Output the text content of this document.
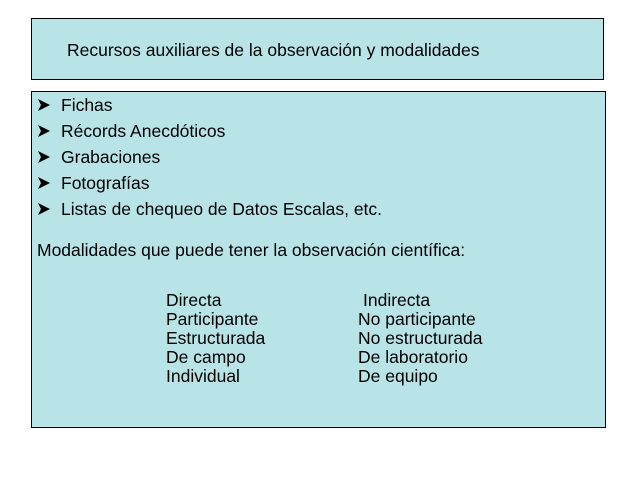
Recursos auxiliares de la observación y modalidades
Fichas
Récords Anecdóticos
Grabaciones
Fotografías
Listas de chequeo de Datos Escalas, etc.
Modalidades que puede tener la observación científica:
Directa	Indirecta
Participante	No participante
Estructurada	No estructurada
De campo	De laboratorio
Individual	De equipo
